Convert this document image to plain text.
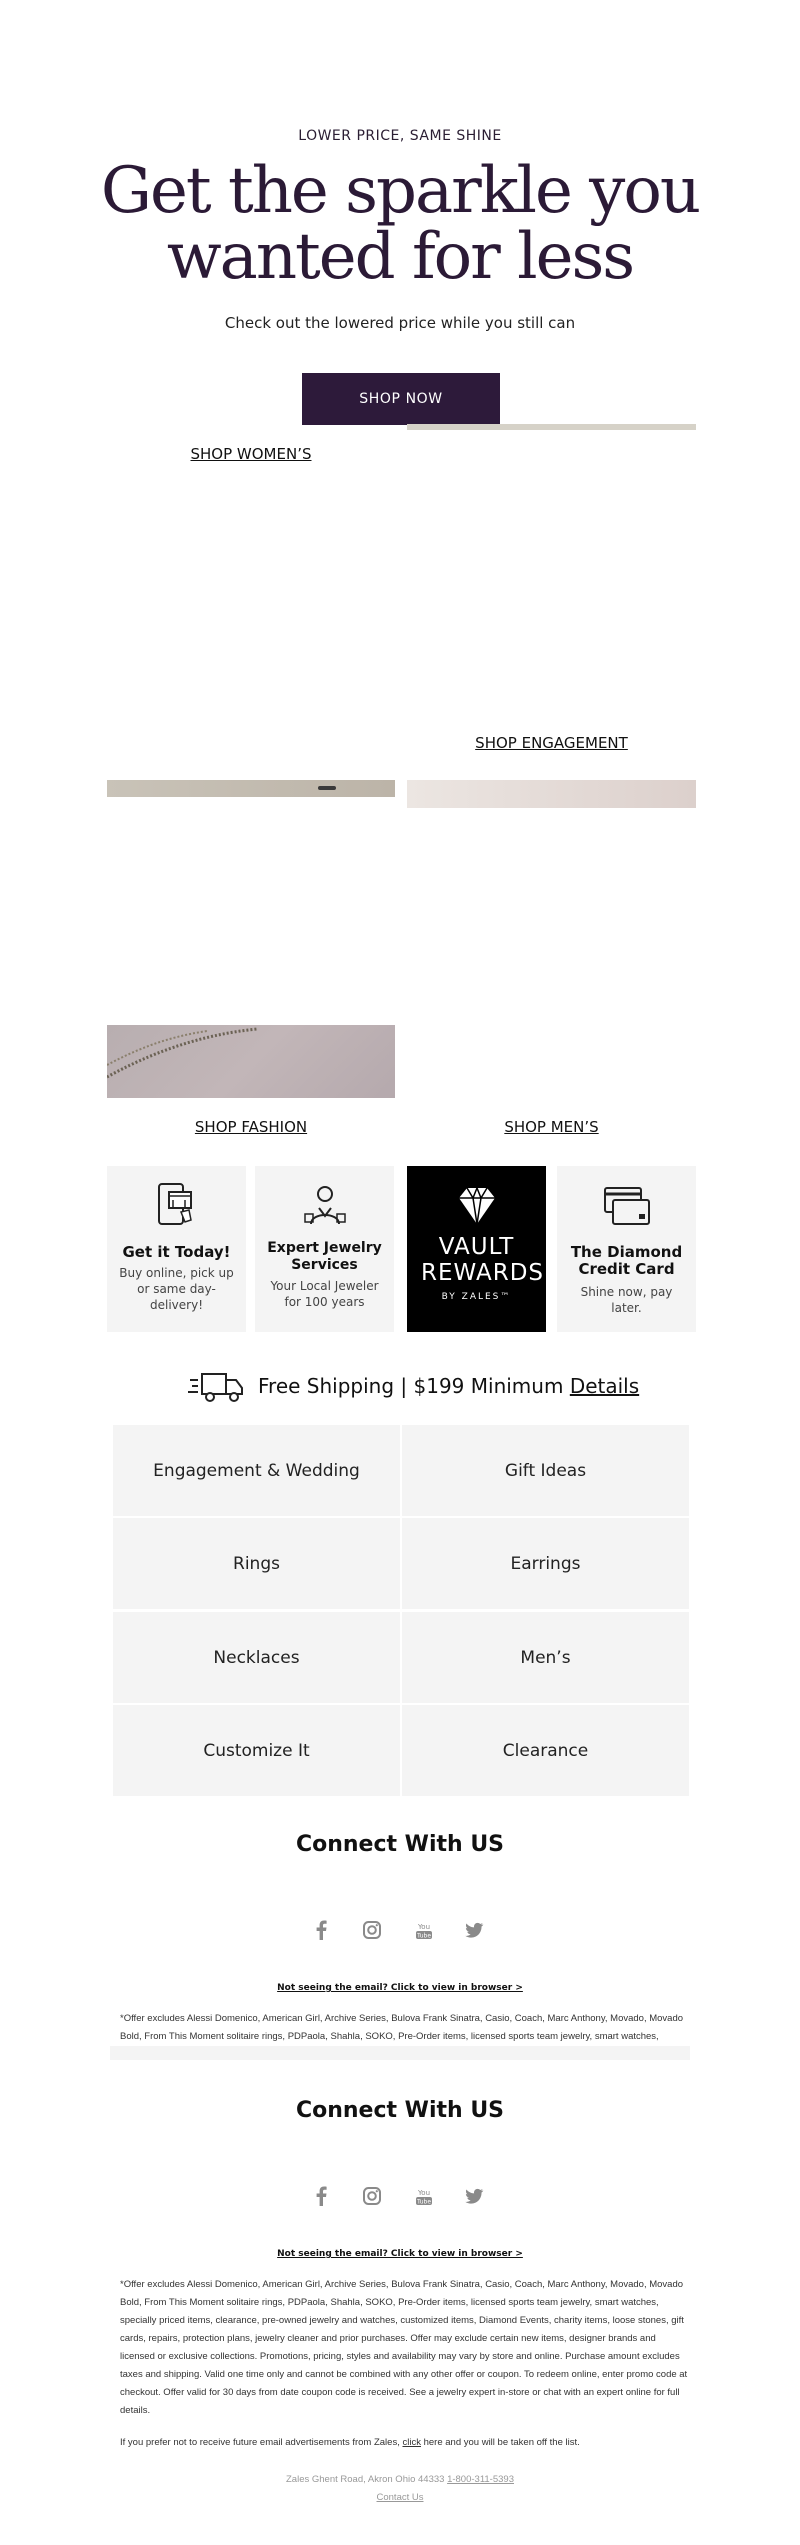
LOWER PRICE, SAME SHINE
Get the sparkle you wanted for less
Check out the lowered price while you still can
SHOP NOW
SHOP WOMEN’S
SHOP ENGAGEMENT
SHOP FASHION	SHOP MEN’S
Get it Today!
Buy online, pick up or same day-delivery!
Expert Jewelry Services
Your Local Jeweler for 100 years
VAULT REWARDS
BY ZALES™
The Diamond Credit Card
Shine now, pay later.
Free Shipping | $199 Minimum Details
Engagement & Wedding	Gift Ideas
Rings	Earrings
Necklaces	Men’s
Customize It	Clearance
Connect With US
You
Tube
Not seeing the email? Click to view in browser >
*Offer excludes Alessi Domenico, American Girl, Archive Series, Bulova Frank Sinatra, Casio, Coach, Marc Anthony, Movado, Movado Bold, From This Moment solitaire rings, PDPaola, Shahla, SOKO, Pre-Order items, licensed sports team jewelry, smart watches,
Connect With US
You
Tube
Not seeing the email? Click to view in browser >
*Offer excludes Alessi Domenico, American Girl, Archive Series, Bulova Frank Sinatra, Casio, Coach, Marc Anthony, Movado, Movado Bold, From This Moment solitaire rings, PDPaola, Shahla, SOKO, Pre-Order items, licensed sports team jewelry, smart watches, specially priced items, clearance, pre-owned jewelry and watches, customized items, Diamond Events, charity items, loose stones, gift cards, repairs, protection plans, jewelry cleaner and prior purchases. Offer may exclude certain new items, designer brands and licensed or exclusive collections. Promotions, pricing, styles and availability may vary by store and online. Purchase amount excludes taxes and shipping. Valid one time only and cannot be combined with any other offer or coupon. To redeem online, enter promo code at checkout. Offer valid for 30 days from date coupon code is received. See a jewelry expert in-store or chat with an expert online for full details.
If you prefer not to receive future email advertisements from Zales, click here and you will be taken off the list.
Zales Ghent Road, Akron Ohio 44333 1-800-311-5393
Contact Us
